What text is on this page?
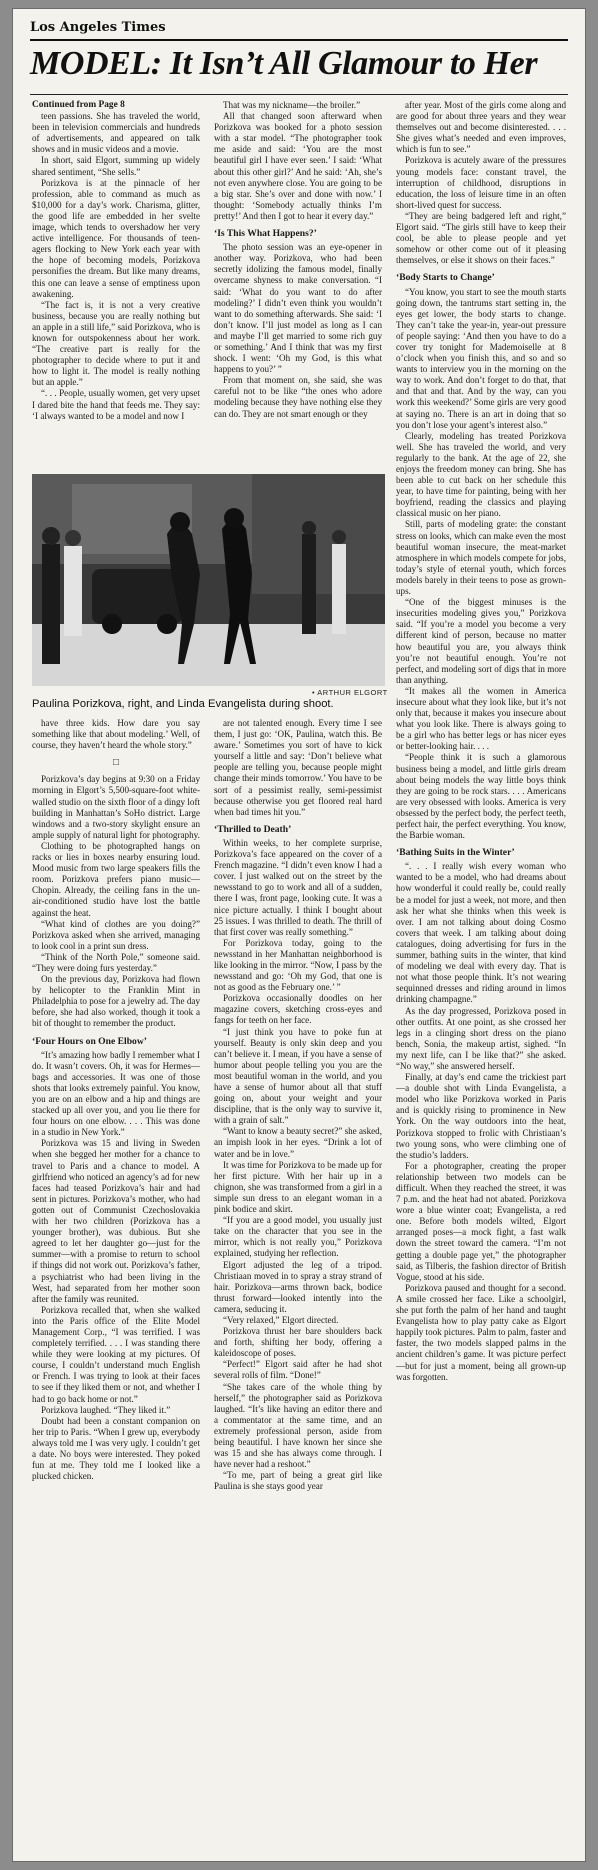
Los Angeles Times
MODEL: It Isn’t All Glamour to Her

Continued from Page 8

teen passions. She has traveled the world, been in television commercials and hundreds of advertisements, and appeared on talk shows and in music videos and a movie.

In short, said Elgort, summing up widely shared sentiment, “She sells.”

Porizkova is at the pinnacle of her profession, able to command as much as $10,000 for a day’s work. Charisma, glitter, the good life are embedded in her svelte image, which tends to overshadow her very active intelligence. For thousands of teen-agers flocking to New York each year with the hope of becoming models, Porizkova personifies the dream. But like many dreams, this one can leave a sense of emptiness upon awakening.

“The fact is, it is not a very creative business, because you are really nothing but an apple in a still life,” said Porizkova, who is known for outspokenness about her work. “The creative part is really for the photographer to decide where to put it and how to light it. The model is really nothing but an apple.”

“. . . People, usually women, get very upset I dared bite the hand that feeds me. They say: ‘I always wanted to be a model and now I

That was my nickname—the broiler.”

All that changed soon afterward when Porizkova was booked for a photo session with a star model. “The photographer took me aside and said: ‘You are the most beautiful girl I have ever seen.’ I said: ‘What about this other girl?’ And he said: ‘Ah, she’s not even anywhere close. You are going to be a big star. She’s over and done with now.’ I thought: ‘Somebody actually thinks I’m pretty!’ And then I got to hear it every day.”

‘Is This What Happens?’

The photo session was an eye-opener in another way. Porizkova, who had been secretly idolizing the famous model, finally overcame shyness to make conversation. “I said: ‘What do you want to do after modeling?’ I didn’t even think you wouldn’t want to do something afterwards. She said: ‘I don’t know. I’ll just model as long as I can and maybe I’ll get married to some rich guy or something.’ And I think that was my first shock. I went: ‘Oh my God, is this what happens to you?’ ”

From that moment on, she said, she was careful not to be like “the ones who adore modeling because they have nothing else they can do. They are not smart enough or they

• ARTHUR ELGORT
Paulina Porizkova, right, and Linda Evangelista during shoot.

after year. Most of the girls come along and are good for about three years and they wear themselves out and become disinterested. . . . She gives what’s needed and even improves, which is fun to see.”

Porizkova is acutely aware of the pressures young models face: constant travel, the interruption of childhood, disruptions in education, the loss of leisure time in an often short-lived quest for success.

“They are being badgered left and right,” Elgort said. “The girls still have to keep their cool, be able to please people and yet somehow or other come out of it pleasing themselves, or else it shows on their faces.”

‘Body Starts to Change’

“You know, you start to see the mouth starts going down, the tantrums start setting in, the eyes get lower, the body starts to change. They can’t take the year-in, year-out pressure of people saying: ‘And then you have to do a cover try tonight for Mademoiselle at 8 o’clock when you finish this, and so and so wants to interview you in the morning on the way to work. And don’t forget to do that, that and that and that. And by the way, can you work this weekend?’ Some girls are very good at saying no. There is an art in doing that so you don’t lose your agent’s interest also.”

Clearly, modeling has treated Porizkova well. She has traveled the world, and very regularly to the bank. At the age of 22, she enjoys the freedom money can bring. She has been able to cut back on her schedule this year, to have time for painting, being with her boyfriend, reading the classics and playing classical music on her piano.

Still, parts of modeling grate: the constant stress on looks, which can make even the most beautiful woman insecure, the meat-market atmosphere in which models compete for jobs, today’s style of eternal youth, which forces models barely in their teens to pose as grown-ups.

“One of the biggest minuses is the insecurities modeling gives you,” Porizkova said. “If you’re a model you become a very different kind of person, because no matter how beautiful you are, you always think you’re not beautiful enough. You’re not perfect, and modeling sort of digs that in more than anything.

“It makes all the women in America insecure about what they look like, but it’s not only that, because it makes you insecure about what you look like. There is always going to be a girl who has better legs or has nicer eyes or better-looking hair. . . .

“People think it is such a glamorous business being a model, and little girls dream about being models the way little boys think they are going to be rock stars. . . . Americans are very obsessed with looks. America is very obsessed by the perfect body, the perfect teeth, perfect hair, the perfect everything. You know, the Barbie woman.

‘Bathing Suits in the Winter’

“. . . I really wish every woman who wanted to be a model, who had dreams about how wonderful it could really be, could really be a model for just a week, not more, and then ask her what she thinks when this week is over. I am not talking about doing Cosmo covers that week. I am talking about doing catalogues, doing advertising for furs in the summer, bathing suits in the winter, that kind of modeling we deal with every day. That is not what those people think. It’s not wearing sequinned dresses and riding around in limos drinking champagne.”

As the day progressed, Porizkova posed in other outfits. At one point, as she crossed her legs in a clinging short dress on the piano bench, Sonia, the makeup artist, sighed. “In my next life, can I be like that?” she asked. “No way,” she answered herself.

Finally, at day’s end came the trickiest part—a double shot with Linda Evangelista, a model who like Porizkova worked in Paris and is quickly rising to prominence in New York. On the way outdoors into the heat, Porizkova stopped to frolic with Christiaan’s two young sons, who were climbing one of the studio’s ladders.

For a photographer, creating the proper relationship between two models can be difficult. When they reached the street, it was 7 p.m. and the heat had not abated. Porizkova wore a blue winter coat; Evangelista, a red one. Before both models wilted, Elgort arranged poses—a mock fight, a fast walk down the street toward the camera. “I’m not getting a double page yet,” the photographer said, as Tilberis, the fashion director of British Vogue, stood at his side.

Porizkova paused and thought for a second. A smile crossed her face. Like a schoolgirl, she put forth the palm of her hand and taught Evangelista how to play patty cake as Elgort happily took pictures. Palm to palm, faster and faster, the two models slapped palms in the ancient children’s game. It was picture perfect—but for just a moment, being all grown-up was forgotten.

have three kids. How dare you say something like that about modeling.’ Well, of course, they haven’t heard the whole story.”

□

Porizkova’s day begins at 9:30 on a Friday morning in Elgort’s 5,500-square-foot white-walled studio on the sixth floor of a dingy loft building in Manhattan’s SoHo district. Large windows and a two-story skylight ensure an ample supply of natural light for photography.

Clothing to be photographed hangs on racks or lies in boxes nearby ensuring loud. Mood music from two large speakers fills the room. Porizkova prefers piano music—Chopin. Already, the ceiling fans in the un-air-conditioned studio have lost the battle against the heat.

“What kind of clothes are you doing?” Porizkova asked when she arrived, managing to look cool in a print sun dress.

“Think of the North Pole,” someone said. “They were doing furs yesterday.”

On the previous day, Porizkova had flown by helicopter to the Franklin Mint in Philadelphia to pose for a jewelry ad. The day before, she had also worked, though it took a bit of thought to remember the product.

‘Four Hours on One Elbow’

“It’s amazing how badly I remember what I do. It wasn’t covers. Oh, it was for Hermes—bags and accessories. It was one of those shots that looks extremely painful. You know, you are on an elbow and a hip and things are stacked up all over you, and you lie there for four hours on one elbow. . . . This was done in a studio in New York.”

Porizkova was 15 and living in Sweden when she begged her mother for a chance to travel to Paris and a chance to model. A girlfriend who noticed an agency’s ad for new faces had teased Porizkova’s hair and had sent in pictures. Porizkova’s mother, who had gotten out of Communist Czechoslovakia with her two children (Porizkova has a younger brother), was dubious. But she agreed to let her daughter go—just for the summer—with a promise to return to school if things did not work out. Porizkova’s father, a psychiatrist who had been living in the West, had separated from her mother soon after the family was reunited.

Porizkova recalled that, when she walked into the Paris office of the Elite Model Management Corp., “I was terrified. I was completely terrified. . . . I was standing there while they were looking at my pictures. Of course, I couldn’t understand much English or French. I was trying to look at their faces to see if they liked them or not, and whether I had to go back home or not.”

Porizkova laughed. “They liked it.”

Doubt had been a constant companion on her trip to Paris. “When I grew up, everybody always told me I was very ugly. I couldn’t get a date. No boys were interested. They poked fun at me. They told me I looked like a plucked chicken.

are not talented enough. Every time I see them, I just go: ‘OK, Paulina, watch this. Be aware.’ Sometimes you sort of have to kick yourself a little and say: ‘Don’t believe what people are telling you, because people might change their minds tomorrow.’ You have to be sort of a pessimist really, semi-pessimist because otherwise you get floored real hard when bad times hit you.”

‘Thrilled to Death’

Within weeks, to her complete surprise, Porizkova’s face appeared on the cover of a French magazine. “I didn’t even know I had a cover. I just walked out on the street by the newsstand to go to work and all of a sudden, there I was, front page, looking cute. It was a nice picture actually. I think I bought about 25 issues. I was thrilled to death. The thrill of that first cover was really something.”

For Porizkova today, going to the newsstand in her Manhattan neighborhood is like looking in the mirror. “Now, I pass by the newsstand and go: ‘Oh my God, that one is not as good as the February one.’ ”

Porizkova occasionally doodles on her magazine covers, sketching cross-eyes and fangs for teeth on her face.

“I just think you have to poke fun at yourself. Beauty is only skin deep and you can’t believe it. I mean, if you have a sense of humor about people telling you you are the most beautiful woman in the world, and you have a sense of humor about all that stuff going on, about your weight and your discipline, that is the only way to survive it, with a grain of salt.”

“Want to know a beauty secret?” she asked, an impish look in her eyes. “Drink a lot of water and be in love.”

It was time for Porizkova to be made up for her first picture. With her hair up in a chignon, she was transformed from a girl in a simple sun dress to an elegant woman in a pink bodice and skirt.

“If you are a good model, you usually just take on the character that you see in the mirror, which is not really you,” Porizkova explained, studying her reflection.

Elgort adjusted the leg of a tripod. Christiaan moved in to spray a stray strand of hair. Porizkova—arms thrown back, bodice thrust forward—looked intently into the camera, seducing it.

“Very relaxed,” Elgort directed.

Porizkova thrust her bare shoulders back and forth, shifting her body, offering a kaleidoscope of poses.

“Perfect!” Elgort said after he had shot several rolls of film. “Done!”

“She takes care of the whole thing by herself,” the photographer said as Porizkova laughed. “It’s like having an editor there and a commentator at the same time, and an extremely professional person, aside from being beautiful. I have known her since she was 15 and she has always come through. I have never had a reshoot.”

“To me, part of being a great girl like Paulina is she stays good year
